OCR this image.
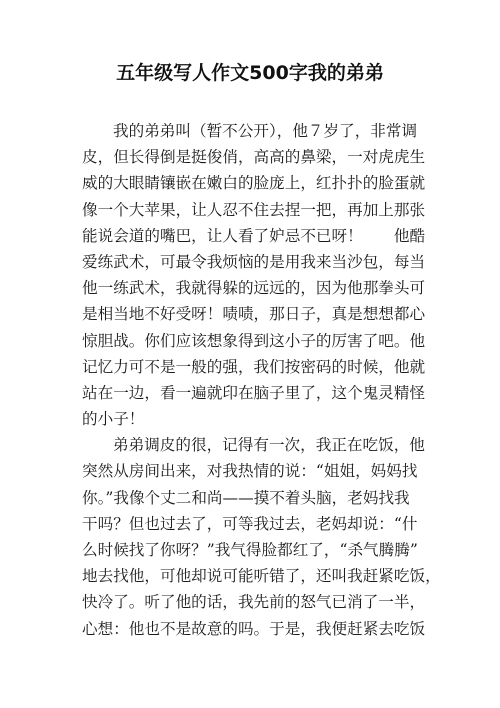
五年级写人作文500字我的弟弟
我的弟弟叫（暂不公开），他７岁了，非常调
皮，但长得倒是挺俊俏，高高的鼻梁，一对虎虎生
威的大眼睛镶嵌在嫩白的脸庞上，红扑扑的脸蛋就
像一个大苹果，让人忍不住去捏一把，再加上那张
能说会道的嘴巴，让人看了妒忌不已呀！　　他酷
爱练武术，可最令我烦恼的是用我来当沙包，每当
他一练武术，我就得躲的远远的，因为他那拳头可
是相当地不好受呀！啧啧，那日子，真是想想都心
惊胆战。你们应该想象得到这小子的厉害了吧。他
记忆力可不是一般的强，我们按密码的时候，他就
站在一边，看一遍就印在脑子里了，这个鬼灵精怪
的小子！
弟弟调皮的很，记得有一次，我正在吃饭，他
突然从房间出来，对我热情的说：“姐姐，妈妈找
你。”我像个丈二和尚——摸不着头脑，老妈找我
干吗？但也过去了，可等我过去，老妈却说：“什
么时候找了你呀？”我气得脸都红了，“杀气腾腾”
地去找他，可他却说可能听错了，还叫我赶紧吃饭，
快冷了。听了他的话，我先前的怒气已消了一半，
心想：他也不是故意的吗。于是，我便赶紧去吃饭
